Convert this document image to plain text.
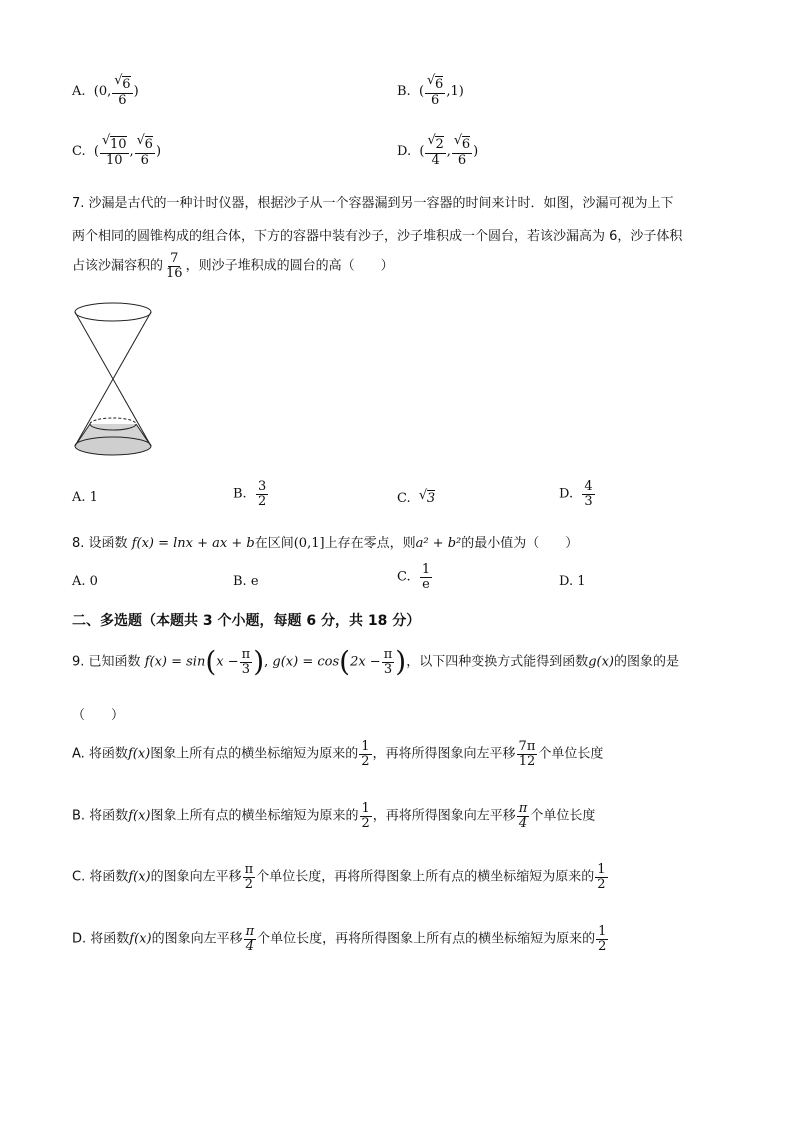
A. (0, $\frac{√ 6}{6}$ )	B. ( $\frac{√ 6}{6} ,1$)
C. ( $\frac{√ 10}{10}$ , $\frac{√ 6}{6}$ )	D. ( $\frac{√ 2}{4}$ , $\frac{√ 6}{6}$ )
7. 沙漏是古代的一种计时仪器，根据沙子从一个容器漏到另一容器的时间来计时．如图，沙漏可视为上下
两个相同的圆锥构成的组合体，下方的容器中装有沙子，沙子堆积成一个圆台，若该沙漏高为 6，沙子体积
占该沙漏容积的 $\frac{7}{16}$ ，则沙子堆积成的圆台的高（　　）
A. 1	B. $\frac{3}{2}$	C. √ 3	D. $\frac{4}{3}$
8. 设函数 f(x) = lnx + ax + b在区间(0,1]上存在零点，则a² + b²的最小值为（　　）
A. 0	B. e	C. $\frac{1}{e}$	D. 1
二、多选题（本题共 3 个小题，每题 6 分，共 18 分）
9. 已知函数 $f(x) = \sin(x - \frac{\pi}{3}$ ), $g(x) = \cos(2x - \frac{\pi}{3}$ )，以下四种变换方式能得到函数g(x)的图象的是
（　　）
A. 将函数f(x)图象上所有点的横坐标缩短为原来的 $\frac{1}{2}$ ，再将所得图象向左平移 $\frac{7\pi}{12}$ 个单位长度
B. 将函数f(x)图象上所有点的横坐标缩短为原来的 $\frac{1}{2}$ ，再将所得图象向左平移 $\frac{\pi}{4}$ 个单位长度
C. 将函数f(x)的图象向左平移 $\frac{\pi}{2}$ 个单位长度，再将所得图象上所有点的横坐标缩短为原来的 $\frac{1}{2}$
D. 将函数f(x)的图象向左平移 $\frac{\pi}{4}$ 个单位长度，再将所得图象上所有点的横坐标缩短为原来的 $\frac{1}{2}$
